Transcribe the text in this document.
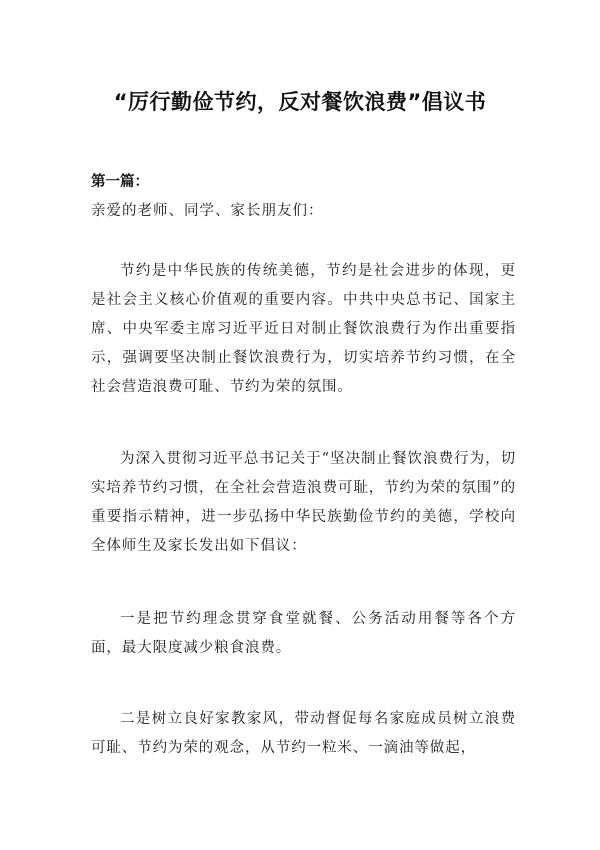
“厉行勤俭节约，反对餐饮浪费”倡议书
第一篇：
亲爱的老师、同学、家长朋友们：

节约是中华民族的传统美德，节约是社会进步的体现，更是社会主义核心价值观的重要内容。中共中央总书记、国家主席、中央军委主席习近平近日对制止餐饮浪费行为作出重要指示，强调要坚决制止餐饮浪费行为，切实培养节约习惯，在全社会营造浪费可耻、节约为荣的氛围。

为深入贯彻习近平总书记关于“坚决制止餐饮浪费行为，切实培养节约习惯，在全社会营造浪费可耻，节约为荣的氛围”的重要指示精神，进一步弘扬中华民族勤俭节约的美德，学校向全体师生及家长发出如下倡议：

一是把节约理念贯穿食堂就餐、公务活动用餐等各个方面，最大限度减少粮食浪费。

二是树立良好家教家风，带动督促每名家庭成员树立浪费可耻、节约为荣的观念，从节约一粒米、一滴油等做起，
